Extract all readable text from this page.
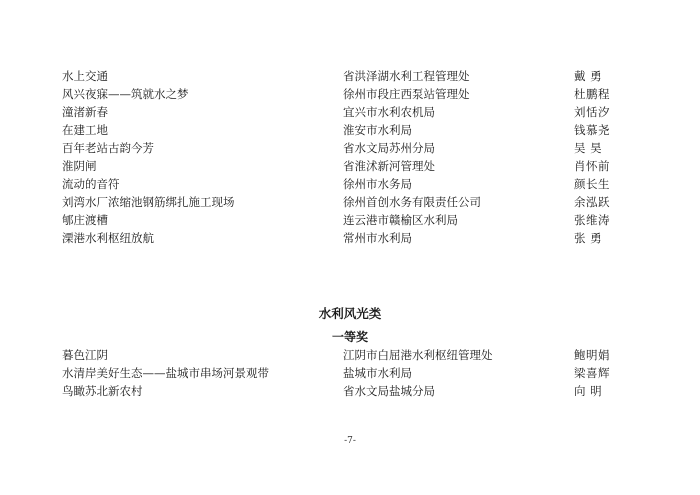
水上交通	省洪泽湖水利工程管理处	戴 勇
风兴夜寐——筑就水之梦	徐州市段庄西泵站管理处	杜鹏程
潼渚新春	宜兴市水利农机局	刘恬汐
在建工地	淮安市水利局	钱慕尧
百年老站古韵今芳	省水文局苏州分局	吴 昊
淮阴闸	省淮沭新河管理处	肖怀前
流动的音符	徐州市水务局	颜长生
刘湾水厂浓缩池钢筋绑扎施工现场	徐州首创水务有限责任公司	余泓跃
郇庄渡槽	连云港市赣榆区水利局	张维涛
溧港水利枢纽放航	常州市水利局	张 勇
水利风光类
一等奖
暮色江阴	江阴市白屈港水利枢纽管理处	鲍明娟
水清岸美好生态——盐城市串场河景观带	盐城市水利局	梁喜辉
鸟瞰苏北新农村	省水文局盐城分局	向 明
-7-
